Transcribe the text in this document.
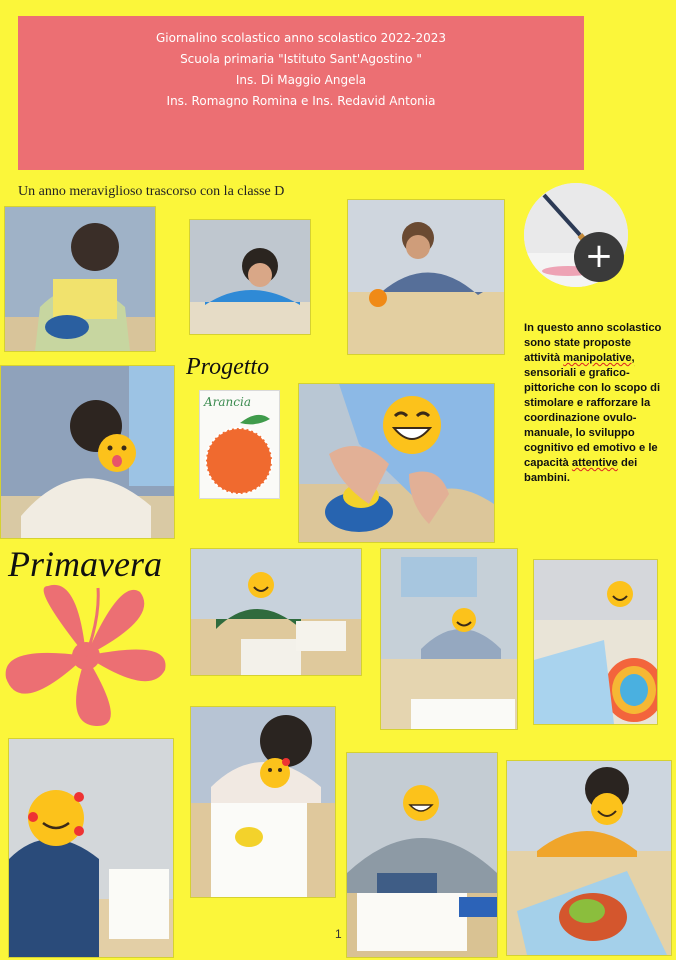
Giornalino scolastico anno scolastico 2022-2023
Scuola primaria "Istituto Sant'Agostino "
Ins. Di Maggio Angela
Ins. Romagno Romina e Ins. Redavid Antonia
Un anno meraviglioso trascorso con la classe D
+
Progetto
Arancia
In questo anno scolastico sono state proposte attività manipolative, sensoriali e grafico-pittoriche con lo scopo di stimolare e rafforzare la coordinazione ovulo-manuale, lo sviluppo cognitivo ed emotivo e le capacità attentive dei bambini.
Primavera
1
